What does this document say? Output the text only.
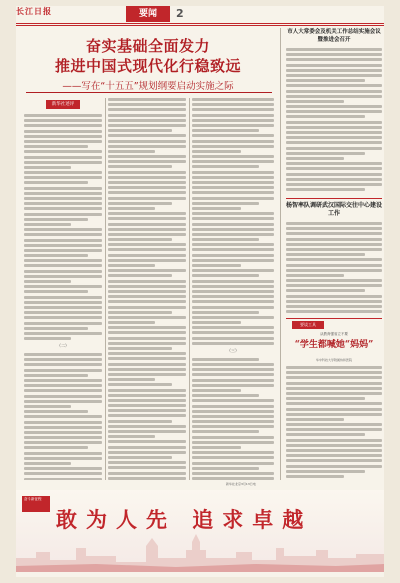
长江日报	要闻	2
奋实基础全面发力
推进中国式现代化行稳致远
——写在“十五五”规划纲要启动实施之际
新华社述评
（二）
（三）
新华社北京3月13日电
市人大常委会及机关工作总结实施会议暨推进会召开
杨智率队调研武汉国际交往中心建设工作
要谈工具
从教育强省立不要
“学生都喊她“妈妈”
华中科技大学附属协和医院
奋斗新征程
敢为人先 追求卓越
